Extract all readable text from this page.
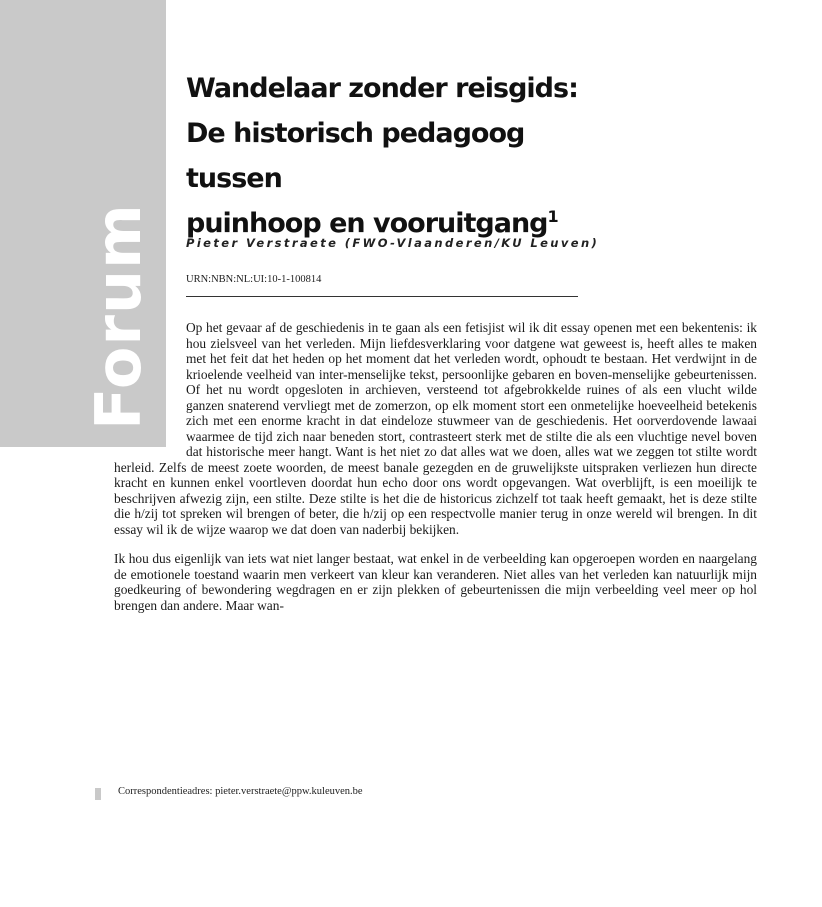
Forum
Wandelaar zonder reisgids:
De historisch pedagoog tussen
puinhoop en vooruitgang$^1$
Pieter Verstraete (FWO-Vlaanderen/KU Leuven)
URN:NBN:NL:UI:10-1-100814

Op het gevaar af de geschiedenis in te gaan als een fetisjist wil ik dit essay openen met een bekentenis: ik hou zielsveel van het verleden. Mijn liefdesverklaring voor datgene wat geweest is, heeft alles te maken met het feit dat het heden op het moment dat het verleden wordt, ophoudt te bestaan. Het verdwijnt in de krioelende veelheid van inter-menselijke tekst, persoonlijke gebaren en boven-menselijke gebeurtenissen. Of het nu wordt opgesloten in archieven, versteend tot afgebrokkelde ruines of als een vlucht wilde ganzen snaterend vervliegt met de zomerzon, op elk moment stort een onmetelijke hoeveelheid betekenis zich met een enorme kracht in dat eindeloze stuwmeer van de geschiedenis. Het oorverdovende lawaai waarmee de tijd zich naar beneden stort, contrasteert sterk met de stilte die als een vluchtige nevel boven dat historische meer hangt. Want is het niet zo dat alles wat we doen, alles wat we zeggen tot stilte wordt herleid. Zelfs de meest zoete woorden, de meest banale gezegden en de gruwelijkste uitspraken verliezen hun directe kracht en kunnen enkel voortleven doordat hun echo door ons wordt opgevangen. Wat overblijft, is een moeilijk te beschrijven afwezig zijn, een stilte. Deze stilte is het die de historicus zichzelf tot taak heeft gemaakt, het is deze stilte die h/zij tot spreken wil brengen of beter, die h/zij op een respectvolle manier terug in onze wereld wil brengen. In dit essay wil ik de wijze waarop we dat doen van naderbij bekijken.

Ik hou dus eigenlijk van iets wat niet langer bestaat, wat enkel in de verbeelding kan opgeroepen worden en naargelang de emotionele toestand waarin men verkeert van kleur kan veranderen. Niet alles van het verleden kan natuurlijk mijn goedkeuring of bewondering wegdragen en er zijn plekken of gebeurtenissen die mijn verbeelding veel meer op hol brengen dan andere. Maar wan-

Correspondentieadres: pieter.verstraete@ppw.kuleuven.be
